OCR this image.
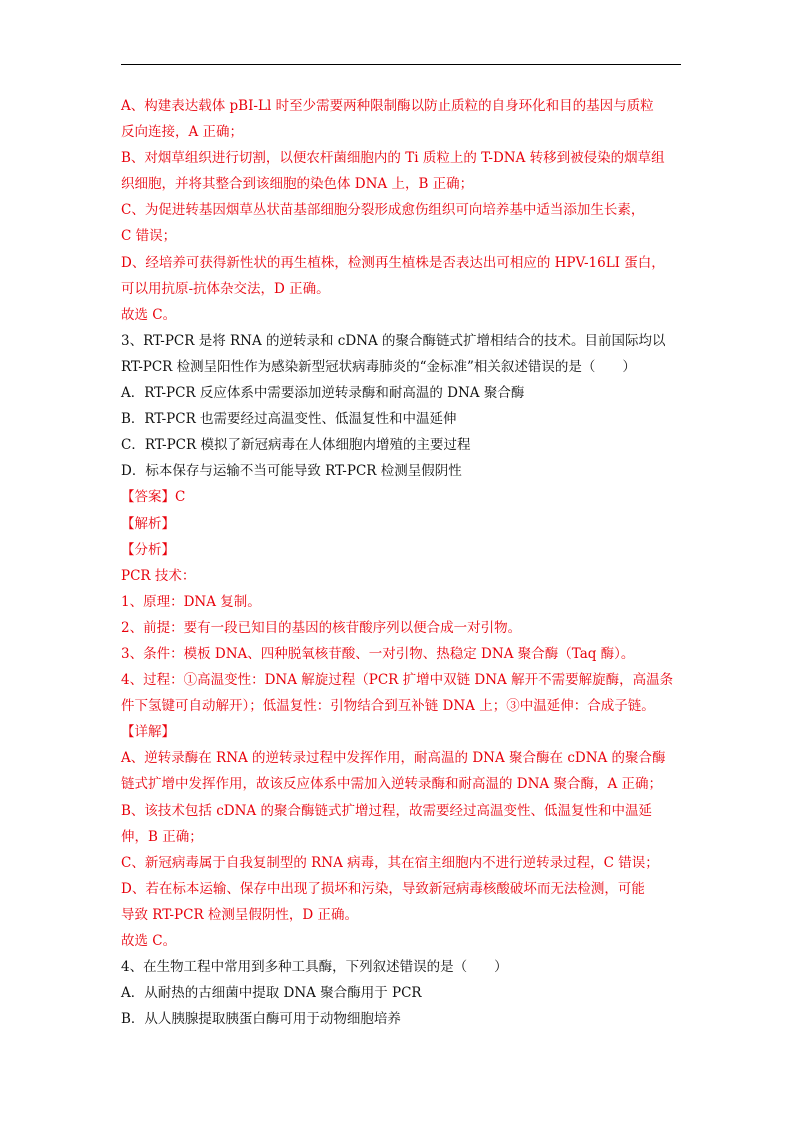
A、构建表达载体 pBI-Ll 时至少需要两种限制酶以防止质粒的自身环化和目的基因与质粒
反向连接，A 正确；
B、对烟草组织进行切割，以便农杆菌细胞内的 Ti 质粒上的 T-DNA 转移到被侵染的烟草组
织细胞，并将其整合到该细胞的染色体 DNA 上，B 正确；
C、为促进转基因烟草丛状苗基部细胞分裂形成愈伤组织可向培养基中适当添加生长素，
C 错误；
D、经培养可获得新性状的再生植株，检测再生植株是否表达出可相应的 HPV-16LI 蛋白，
可以用抗原-抗体杂交法，D 正确。
故选 C。
3、RT-PCR 是将 RNA 的逆转录和 cDNA 的聚合酶链式扩增相结合的技术。目前国际均以
RT-PCR 检测呈阳性作为感染新型冠状病毒肺炎的“金标准”相关叙述错误的是（　　）
A．RT-PCR 反应体系中需要添加逆转录酶和耐高温的 DNA 聚合酶
B．RT-PCR 也需要经过高温变性、低温复性和中温延伸
C．RT-PCR 模拟了新冠病毒在人体细胞内增殖的主要过程
D．标本保存与运输不当可能导致 RT-PCR 检测呈假阴性
【答案】C
【解析】
【分析】
PCR 技术：
1、原理：DNA 复制。
2、前提：要有一段已知目的基因的核苷酸序列以便合成一对引物。
3、条件：模板 DNA、四种脱氧核苷酸、一对引物、热稳定 DNA 聚合酶（Taq 酶）。
4、过程：①高温变性：DNA 解旋过程（PCR 扩增中双链 DNA 解开不需要解旋酶，高温条
件下氢键可自动解开）；低温复性：引物结合到互补链 DNA 上；③中温延伸：合成子链。
【详解】
A、逆转录酶在 RNA 的逆转录过程中发挥作用，耐高温的 DNA 聚合酶在 cDNA 的聚合酶
链式扩增中发挥作用，故该反应体系中需加入逆转录酶和耐高温的 DNA 聚合酶，A 正确；
B、该技术包括 cDNA 的聚合酶链式扩增过程，故需要经过高温变性、低温复性和中温延
伸，B 正确；
C、新冠病毒属于自我复制型的 RNA 病毒，其在宿主细胞内不进行逆转录过程，C 错误；
D、若在标本运输、保存中出现了损坏和污染，导致新冠病毒核酸破坏而无法检测，可能
导致 RT-PCR 检测呈假阴性，D 正确。
故选 C。
4、在生物工程中常用到多种工具酶，下列叙述错误的是（　　）
A．从耐热的古细菌中提取 DNA 聚合酶用于 PCR
B．从人胰腺提取胰蛋白酶可用于动物细胞培养
